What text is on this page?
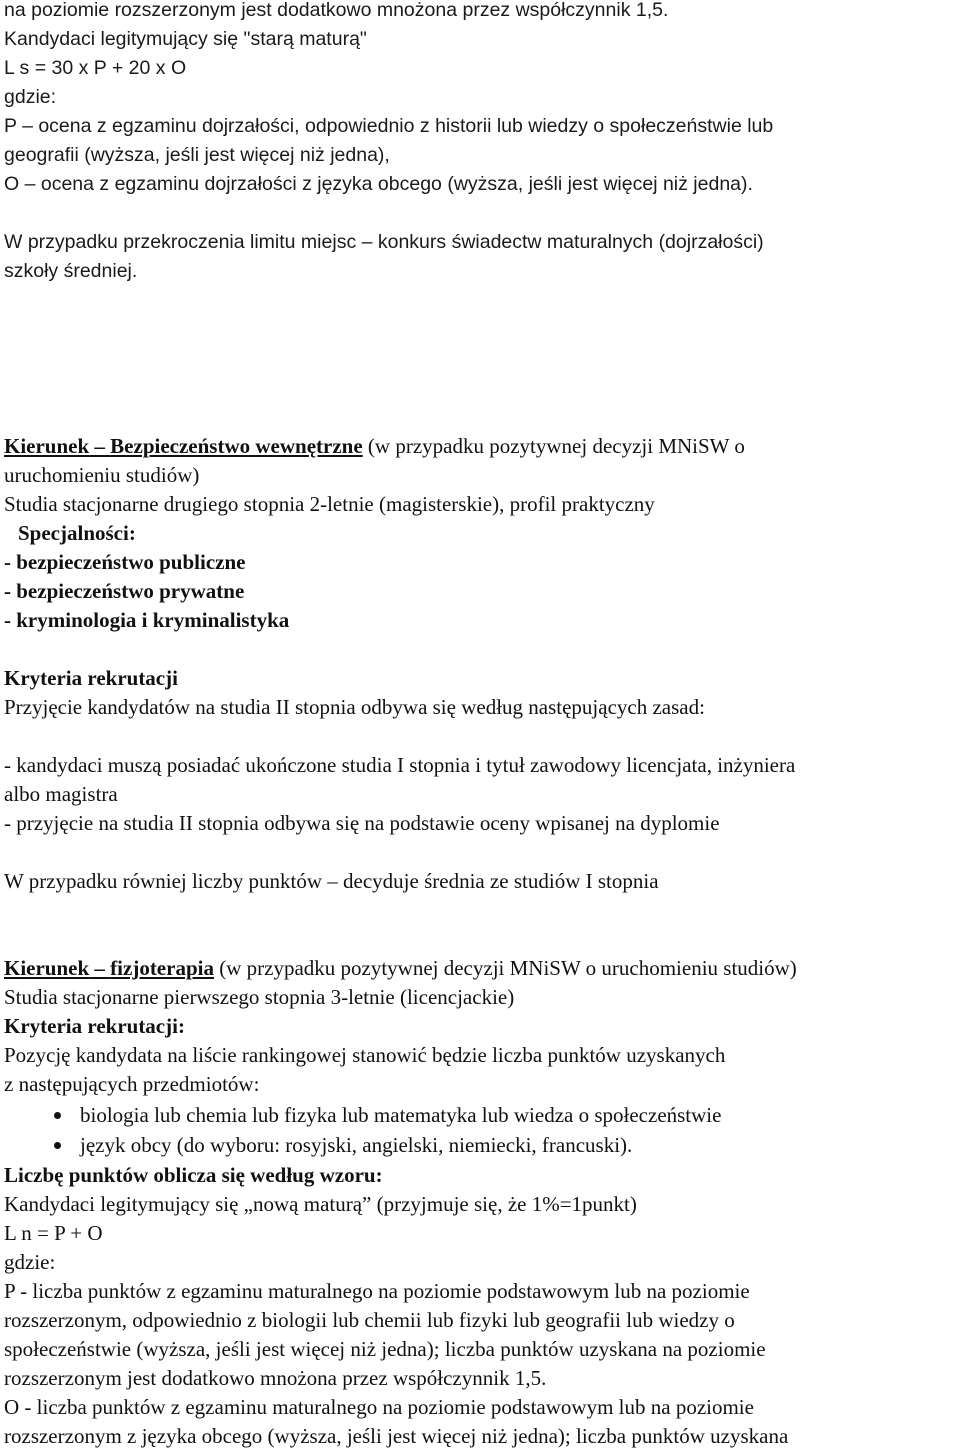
na poziomie rozszerzonym jest dodatkowo mnożona przez współczynnik 1,5.
Kandydaci legitymujący się "starą maturą"
L s = 30 x P + 20 x O
gdzie:
P – ocena z egzaminu dojrzałości, odpowiednio z historii lub wiedzy o społeczeństwie lub
geografii (wyższa, jeśli jest więcej niż jedna),
O – ocena z egzaminu dojrzałości z języka obcego (wyższa, jeśli jest więcej niż jedna).
W przypadku przekroczenia limitu miejsc – konkurs świadectw maturalnych (dojrzałości)
szkoły średniej.
Kierunek – Bezpieczeństwo wewnętrzne (w przypadku pozytywnej decyzji MNiSW o
uruchomieniu studiów)
Studia stacjonarne drugiego stopnia 2-letnie (magisterskie), profil praktyczny
Specjalności:
- bezpieczeństwo publiczne
- bezpieczeństwo prywatne
- kryminologia i kryminalistyka
Kryteria rekrutacji
Przyjęcie kandydatów na studia II stopnia odbywa się według następujących zasad:
- kandydaci muszą posiadać ukończone studia I stopnia i tytuł zawodowy licencjata, inżyniera
albo magistra
- przyjęcie na studia II stopnia odbywa się na podstawie oceny wpisanej na dyplomie
W przypadku równiej liczby punktów – decyduje średnia ze studiów I stopnia
Kierunek – fizjoterapia (w przypadku pozytywnej decyzji MNiSW o uruchomieniu studiów)
Studia stacjonarne pierwszego stopnia 3-letnie (licencjackie)
Kryteria rekrutacji:
Pozycję kandydata na liście rankingowej stanowić będzie liczba punktów uzyskanych
z następujących przedmiotów:
biologia lub chemia lub fizyka lub matematyka lub wiedza o społeczeństwie
język obcy (do wyboru: rosyjski, angielski, niemiecki, francuski).
Liczbę punktów oblicza się według wzoru:
Kandydaci legitymujący się „nową maturą” (przyjmuje się, że 1%=1punkt)
L n = P + O
gdzie:
P - liczba punktów z egzaminu maturalnego na poziomie podstawowym lub na poziomie
rozszerzonym, odpowiednio z biologii lub chemii lub fizyki lub geografii lub wiedzy o
społeczeństwie (wyższa, jeśli jest więcej niż jedna); liczba punktów uzyskana na poziomie
rozszerzonym jest dodatkowo mnożona przez współczynnik 1,5.
O - liczba punktów z egzaminu maturalnego na poziomie podstawowym lub na poziomie
rozszerzonym z języka obcego (wyższa, jeśli jest więcej niż jedna); liczba punktów uzyskana
